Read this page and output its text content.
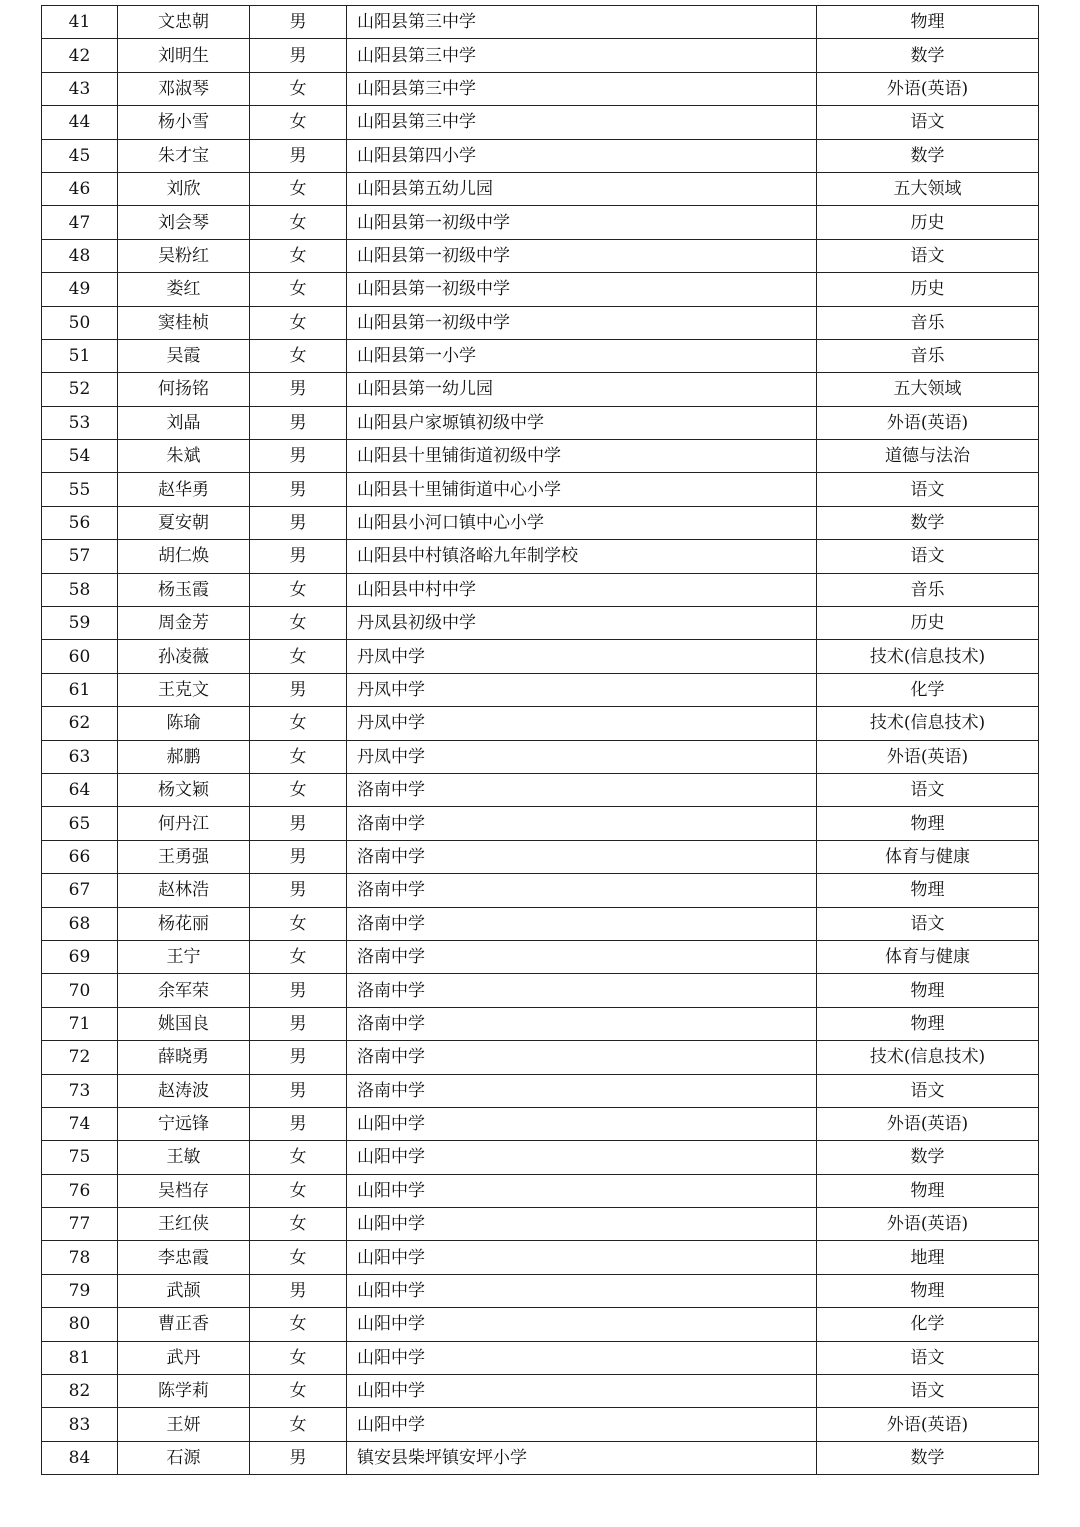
41	文忠朝	男	山阳县第三中学	物理
42	刘明生	男	山阳县第三中学	数学
43	邓淑琴	女	山阳县第三中学	外语(英语)
44	杨小雪	女	山阳县第三中学	语文
45	朱才宝	男	山阳县第四小学	数学
46	刘欣	女	山阳县第五幼儿园	五大领域
47	刘会琴	女	山阳县第一初级中学	历史
48	吴粉红	女	山阳县第一初级中学	语文
49	娄红	女	山阳县第一初级中学	历史
50	窦桂桢	女	山阳县第一初级中学	音乐
51	吴霞	女	山阳县第一小学	音乐
52	何扬铭	男	山阳县第一幼儿园	五大领域
53	刘晶	男	山阳县户家塬镇初级中学	外语(英语)
54	朱斌	男	山阳县十里铺街道初级中学	道德与法治
55	赵华勇	男	山阳县十里铺街道中心小学	语文
56	夏安朝	男	山阳县小河口镇中心小学	数学
57	胡仁焕	男	山阳县中村镇洛峪九年制学校	语文
58	杨玉霞	女	山阳县中村中学	音乐
59	周金芳	女	丹凤县初级中学	历史
60	孙凌薇	女	丹凤中学	技术(信息技术)
61	王克文	男	丹凤中学	化学
62	陈瑜	女	丹凤中学	技术(信息技术)
63	郝鹏	女	丹凤中学	外语(英语)
64	杨文颖	女	洛南中学	语文
65	何丹江	男	洛南中学	物理
66	王勇强	男	洛南中学	体育与健康
67	赵林浩	男	洛南中学	物理
68	杨花丽	女	洛南中学	语文
69	王宁	女	洛南中学	体育与健康
70	余军荣	男	洛南中学	物理
71	姚国良	男	洛南中学	物理
72	薛晓勇	男	洛南中学	技术(信息技术)
73	赵涛波	男	洛南中学	语文
74	宁远锋	男	山阳中学	外语(英语)
75	王敏	女	山阳中学	数学
76	吴档存	女	山阳中学	物理
77	王红侠	女	山阳中学	外语(英语)
78	李忠霞	女	山阳中学	地理
79	武颉	男	山阳中学	物理
80	曹正香	女	山阳中学	化学
81	武丹	女	山阳中学	语文
82	陈学莉	女	山阳中学	语文
83	王妍	女	山阳中学	外语(英语)
84	石源	男	镇安县柴坪镇安坪小学	数学
